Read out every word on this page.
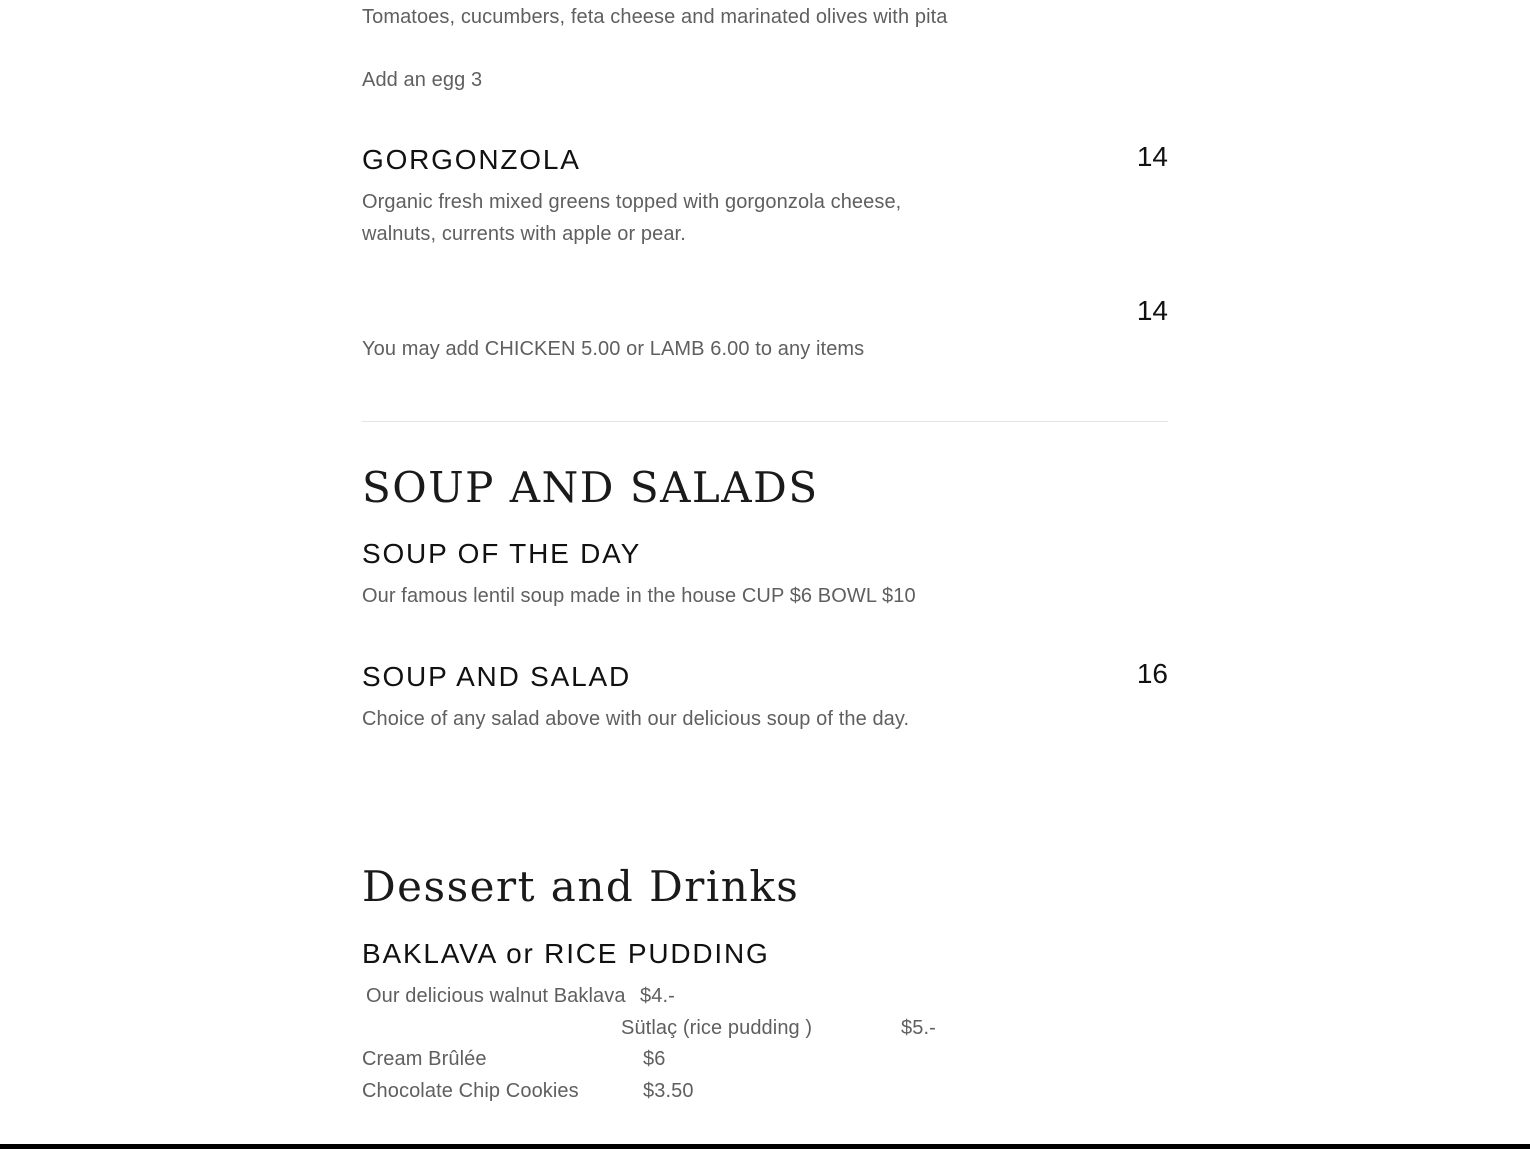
Tomatoes, cucumbers, feta cheese and marinated olives with pita
Add an egg 3
GORGONZOLA	14
Organic fresh mixed greens topped with gorgonzola cheese,
walnuts, currents with apple or pear.
14
You may add CHICKEN 5.00 or LAMB 6.00 to any items
SOUP AND SALADS
SOUP OF THE DAY
Our famous lentil soup made in the house CUP $6 BOWL $10
SOUP AND SALAD	16
Choice of any salad above with our delicious soup of the day.
Dessert and Drinks
BAKLAVA or RICE PUDDING
Our delicious walnut Baklava $4.-
Sütlaç (rice pudding )	$5.-
Cream Brûlée	$6
Chocolate Chip Cookies	$3.50
